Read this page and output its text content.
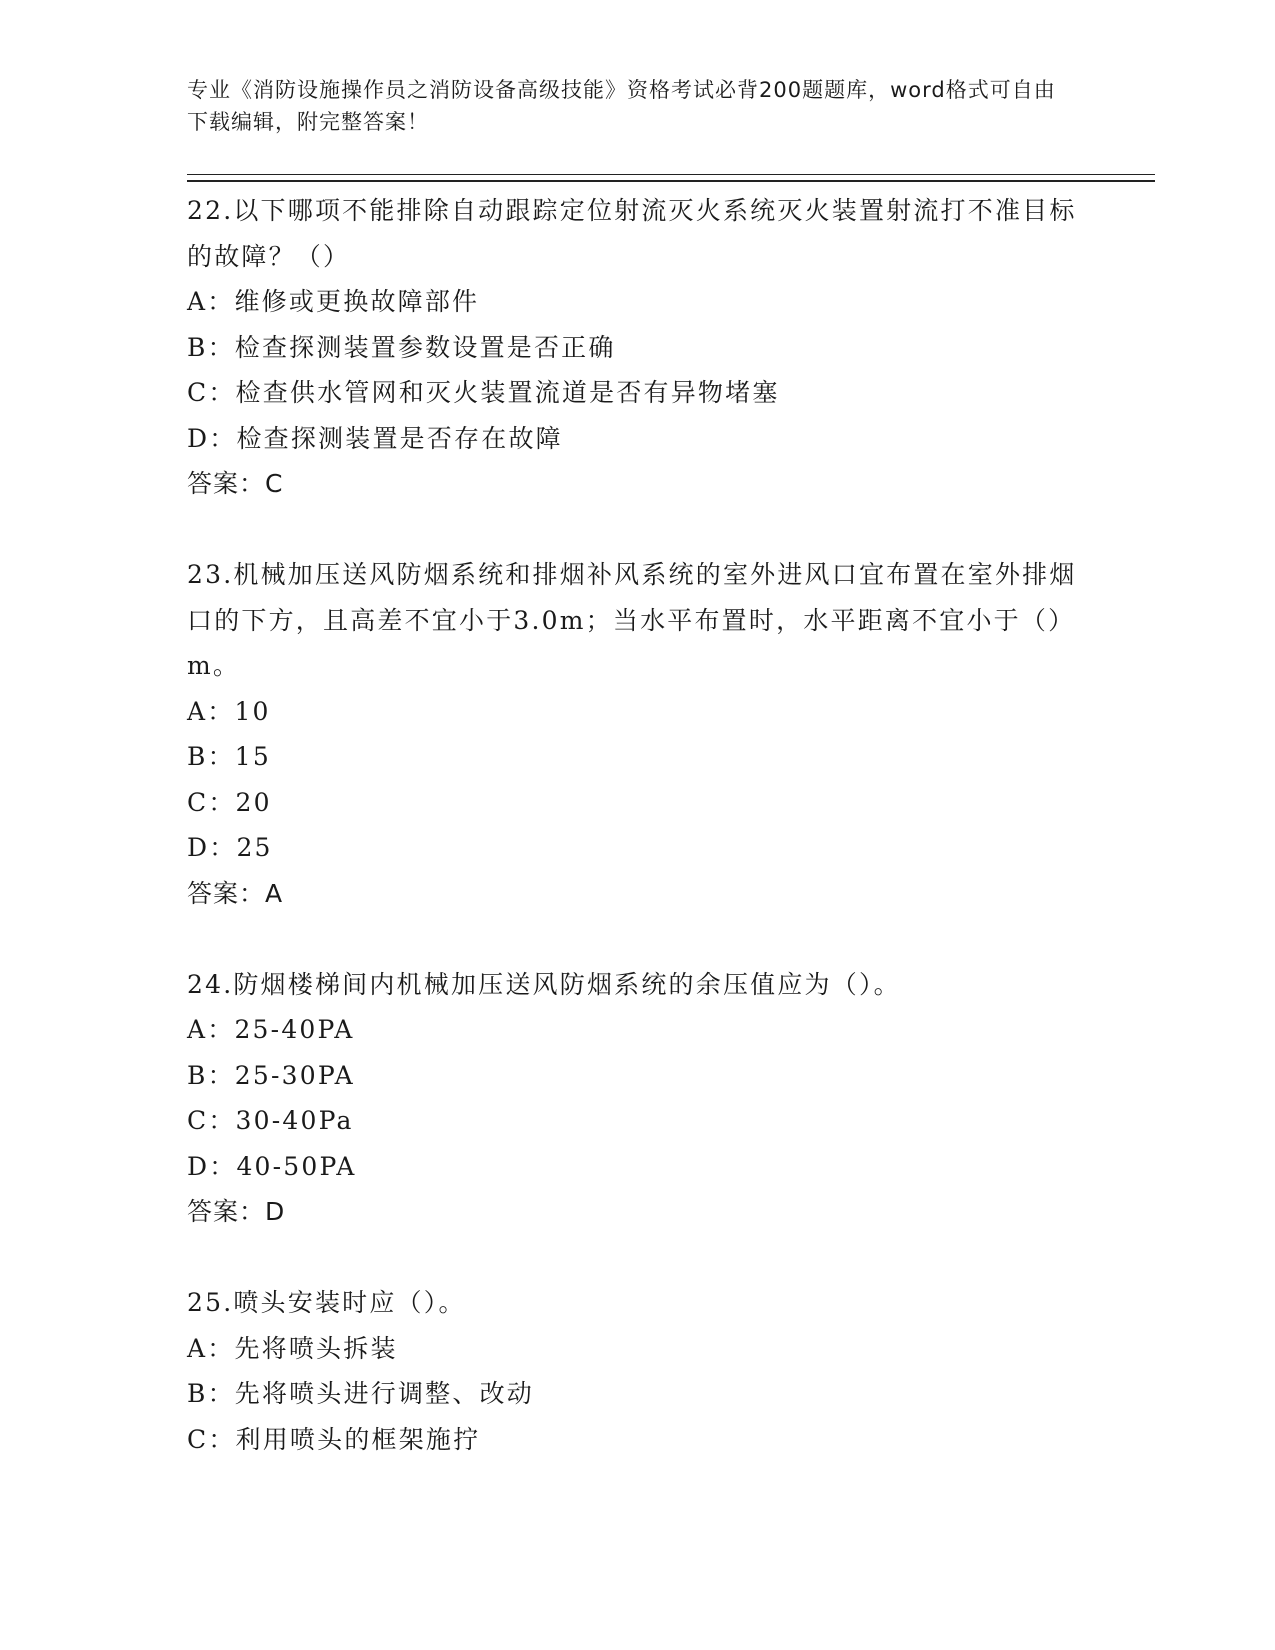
专业《消防设施操作员之消防设备高级技能》资格考试必背200题题库，word格式可自由下载编辑，附完整答案！

22.以下哪项不能排除自动跟踪定位射流灭火系统灭火装置射流打不准目标的故障？（）

A：维修或更换故障部件

B：检查探测装置参数设置是否正确

C：检查供水管网和灭火装置流道是否有异物堵塞

D：检查探测装置是否存在故障

答案：C

23.机械加压送风防烟系统和排烟补风系统的室外进风口宜布置在室外排烟口的下方，且高差不宜小于3.0m；当水平布置时，水平距离不宜小于（）m。

A：10

B：15

C：20

D：25

答案：A

24.防烟楼梯间内机械加压送风防烟系统的余压值应为（）。

A：25-40PA

B：25-30PA

C：30-40Pa

D：40-50PA

答案：D

25.喷头安装时应（）。

A：先将喷头拆装

B：先将喷头进行调整、改动

C：利用喷头的框架施拧
